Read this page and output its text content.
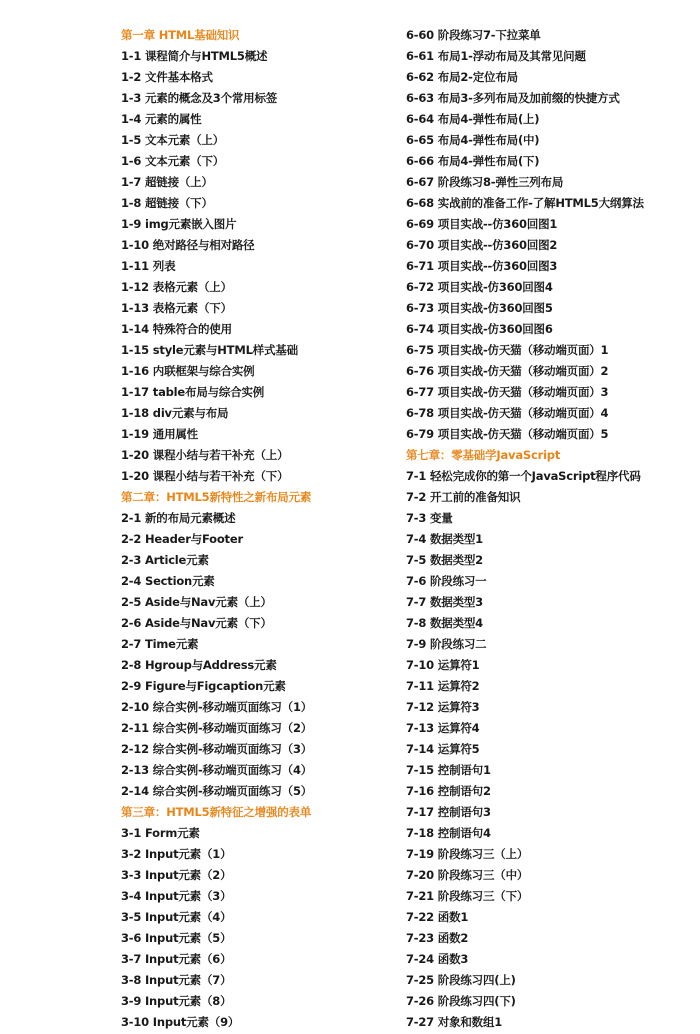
第一章 HTML基础知识
1-1 课程简介与HTML5概述
1-2 文件基本格式
1-3 元素的概念及3个常用标签
1-4 元素的属性
1-5 文本元素（上）
1-6 文本元素（下）
1-7 超链接（上）
1-8 超链接（下）
1-9 img元素嵌入图片
1-10 绝对路径与相对路径
1-11 列表
1-12 表格元素（上）
1-13 表格元素（下）
1-14 特殊符合的使用
1-15 style元素与HTML样式基础
1-16 内联框架与综合实例
1-17 table布局与综合实例
1-18 div元素与布局
1-19 通用属性
1-20 课程小结与若干补充（上）
1-20 课程小结与若干补充（下）
第二章：HTML5新特性之新布局元素
2-1 新的布局元素概述
2-2 Header与Footer
2-3 Article元素
2-4 Section元素
2-5 Aside与Nav元素（上）
2-6 Aside与Nav元素（下）
2-7 Time元素
2-8 Hgroup与Address元素
2-9 Figure与Figcaption元素
2-10 综合实例-移动端页面练习（1）
2-11 综合实例-移动端页面练习（2）
2-12 综合实例-移动端页面练习（3）
2-13 综合实例-移动端页面练习（4）
2-14 综合实例-移动端页面练习（5）
第三章：HTML5新特征之增强的表单
3-1 Form元素
3-2 Input元素（1）
3-3 Input元素（2）
3-4 Input元素（3）
3-5 Input元素（4）
3-6 Input元素（5）
3-7 Input元素（6）
3-8 Input元素（7）
3-9 Input元素（8）
3-10 Input元素（9）
6-60 阶段练习7-下拉菜单
6-61 布局1-浮动布局及其常见问题
6-62 布局2-定位布局
6-63 布局3-多列布局及加前缀的快捷方式
6-64 布局4-弹性布局(上)
6-65 布局4-弹性布局(中)
6-66 布局4-弹性布局(下)
6-67 阶段练习8-弹性三列布局
6-68 实战前的准备工作-了解HTML5大纲算法
6-69 项目实战--仿360回图1
6-70 项目实战--仿360回图2
6-71 项目实战--仿360回图3
6-72 项目实战-仿360回图4
6-73 项目实战-仿360回图5
6-74 项目实战-仿360回图6
6-75 项目实战-仿天猫（移动端页面）1
6-76 项目实战-仿天猫（移动端页面）2
6-77 项目实战-仿天猫（移动端页面）3
6-78 项目实战-仿天猫（移动端页面）4
6-79 项目实战-仿天猫（移动端页面）5
第七章：零基础学JavaScript
7-1 轻松完成你的第一个JavaScript程序代码
7-2 开工前的准备知识
7-3 变量
7-4 数据类型1
7-5 数据类型2
7-6 阶段练习一
7-7 数据类型3
7-8 数据类型4
7-9 阶段练习二
7-10 运算符1
7-11 运算符2
7-12 运算符3
7-13 运算符4
7-14 运算符5
7-15 控制语句1
7-16 控制语句2
7-17 控制语句3
7-18 控制语句4
7-19 阶段练习三（上）
7-20 阶段练习三（中）
7-21 阶段练习三（下）
7-22 函数1
7-23 函数2
7-24 函数3
7-25 阶段练习四(上)
7-26 阶段练习四(下)
7-27 对象和数组1
